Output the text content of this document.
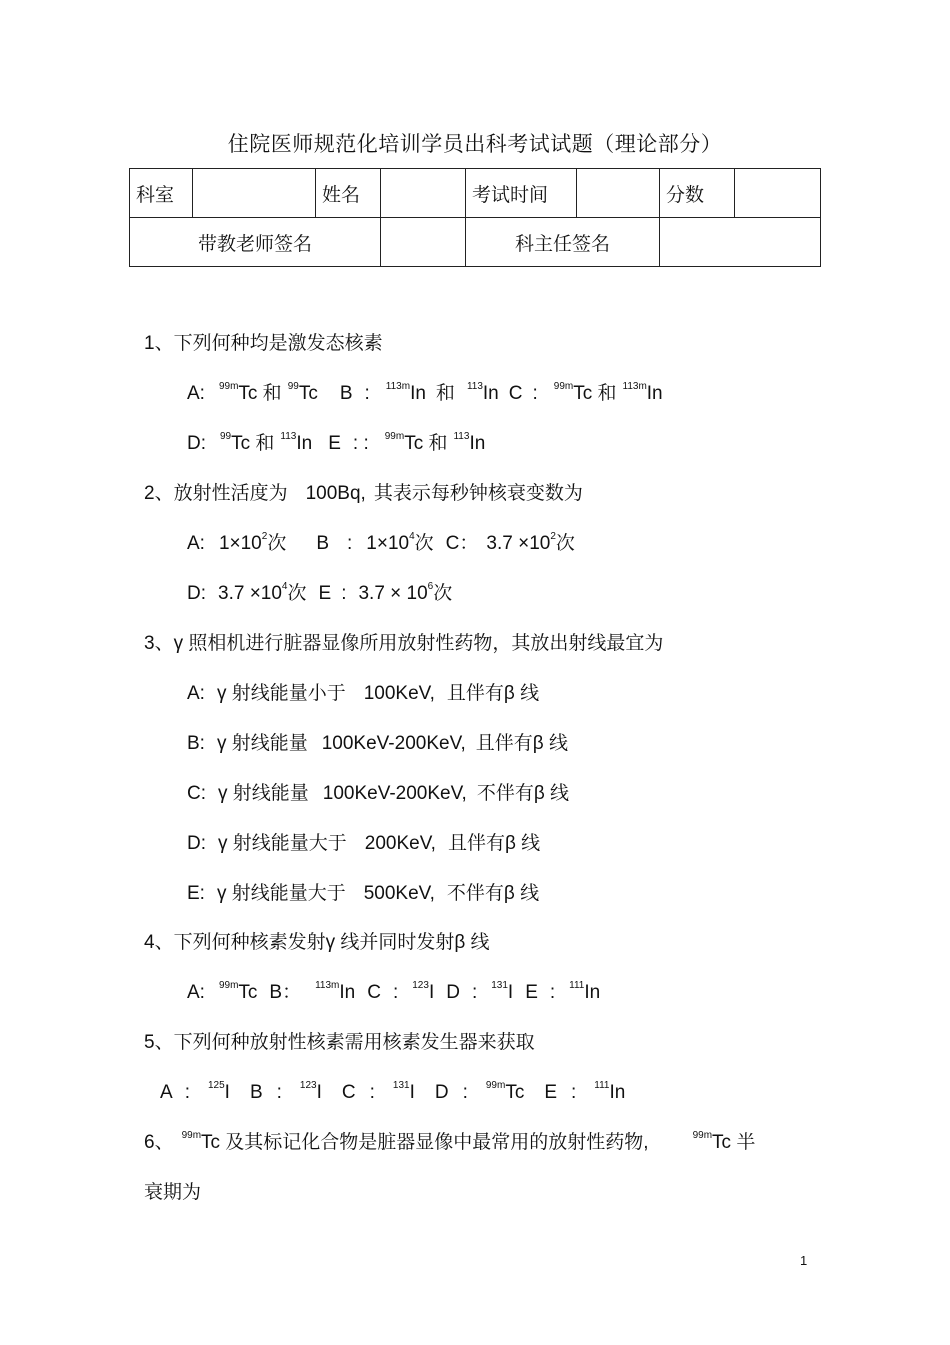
住院医师规范化培训学员出科考试试题（理论部分）
科室		姓名		考试时间		分数	
带教老师签名				科主任签名			
1、下列何种均是激发态核素
A: $^{99m}$Tc 和 $^{99}$Tc B : $^{113m}$In 和 $^{113}$In C : $^{99m}$Tc 和 $^{113m}$In
D: $^{99}$Tc 和 $^{113}$In E : : $^{99m}$Tc 和 $^{113}$In
2、放射性活度为 100Bq, 其表示每秒钟核衰变数为
A: $1\times 10^2$次 B : $1\times 10^4$次 C： $3.7 \times 10^2$次
D: $3.7 \times 10^4$次 E : $3.7 \times 10^6$次
3、γ 照相机进行脏器显像所用放射性药物，其放出射线最宜为
A: γ 射线能量小于 100KeV, 且伴有β 线
B: γ 射线能量 100KeV-200KeV, 且伴有β 线
C: γ 射线能量 100KeV-200KeV, 不伴有β 线
D: γ 射线能量大于 200KeV, 且伴有β 线
E: γ 射线能量大于 500KeV, 不伴有β 线
4、下列何种核素发射γ 线并同时发射β 线
A: $^{99m}$Tc B： $^{113m}$In C : $^{123}$I D : $^{131}$I E : $^{111}$In
5、下列何种放射性核素需用核素发生器来获取
A : $^{125}$I B : $^{123}$I C : $^{131}$I D : $^{99m}$Tc E : $^{111}$In
6、 $^{99m}$Tc 及其标记化合物是脏器显像中最常用的放射性药物,	$^{99m}$Tc 半
衰期为
1
